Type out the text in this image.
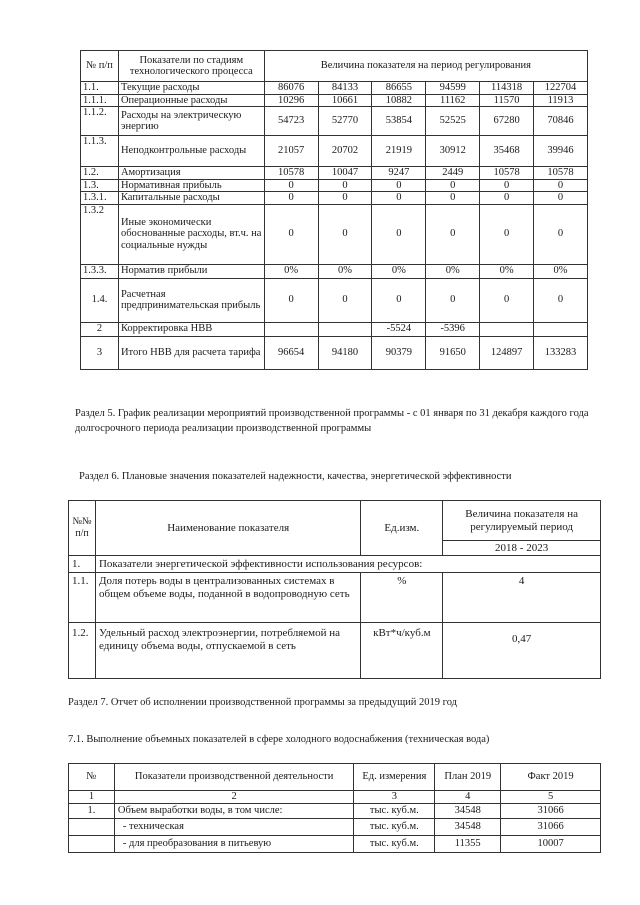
№ п/п	Показатели по стадиям технологического процесса	Величина показателя на период регулирования					
1.1.	Текущие расходы	86076	84133	86655	94599	114318	122704
1.1.1.	Операционные расходы	10296	10661	10882	11162	11570	11913
1.1.2.	Расходы на электрическую энергию	54723	52770	53854	52525	67280	70846
1.1.3.	Неподконтрольные расходы	21057	20702	21919	30912	35468	39946
1.2.	Амортизация	10578	10047	9247	2449	10578	10578
1.3.	Нормативная прибыль	0	0	0	0	0	0
1.3.1.	Капитальные расходы	0	0	0	0	0	0
1.3.2	Иные экономически обоснованные расходы, вт.ч. на социальные нужды	0	0	0	0	0	0
1.3.3.	Норматив прибыли	0%	0%	0%	0%	0%	0%
1.4.	Расчетная предпринимательская прибыль	0	0	0	0	0	0
2	Корректировка НВВ			-5524	-5396		
3	Итого НВВ для расчета тарифа	96654	94180	90379	91650	124897	133283
Раздел 5. График реализации мероприятий производственной программы - с 01 января по 31 декабря каждого года долгосрочного периода реализации производственной программы
Раздел 6. Плановые значения показателей надежности, качества, энергетической эффективности
№№ п/п	Наименование показателя	Ед.изм.	Величина показателя на регулируемый период
			2018 - 2023
1.	Показатели энергетической эффективности использования ресурсов:		
1.1.	Доля потерь воды в централизованных системах в общем объеме воды, поданной в водопроводную сеть	%	4
1.2.	Удельный расход электроэнергии, потребляемой на единицу объема воды, отпускаемой в сеть	кВт*ч/куб.м	0,47
Раздел 7. Отчет об исполнении производственной программы за предыдущий 2019 год
7.1. Выполнение объемных показателей в сфере холодного водоснабжения (техническая вода)
№	Показатели производственной деятельности	Ед. измерения	План 2019	Факт 2019
1	2	3	4	5
1.	Объем выработки воды, в том числе:	тыс. куб.м.	34548	31066
	- техническая	тыс. куб.м.	34548	31066
	- для преобразования в питьевую	тыс. куб.м.	11355	10007
